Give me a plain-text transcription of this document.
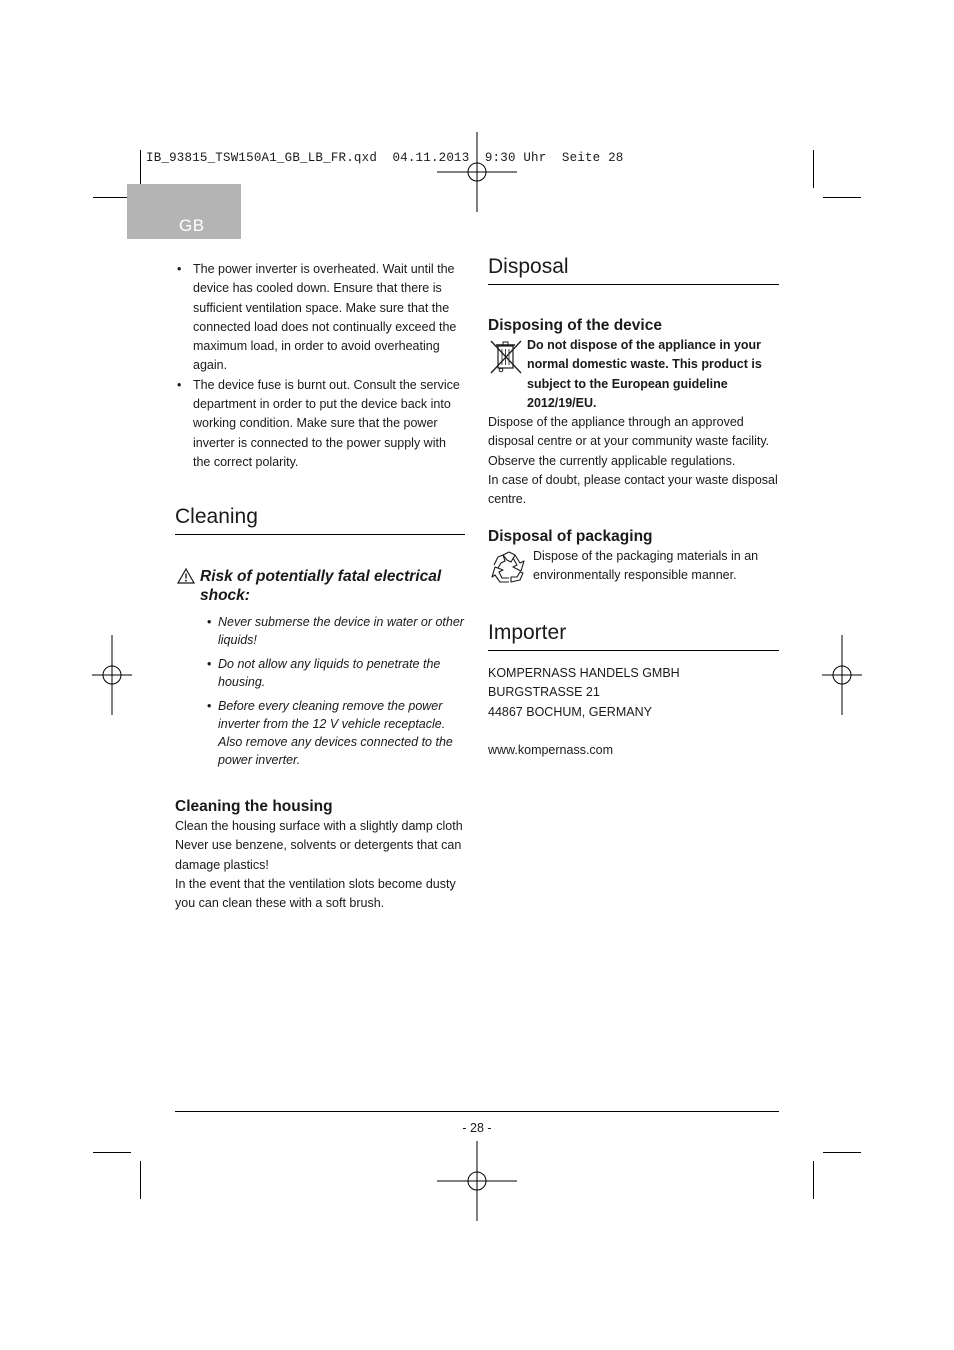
IB_93815_TSW150A1_GB_LB_FR.qxd  04.11.2013  9:30 Uhr  Seite 28
GB
• The power inverter is overheated. Wait until the device has cooled down. Ensure that there is sufficient ventilation space. Make sure that the connected load does not continually exceed the maximum load, in order to avoid overheating again.
• The device fuse is burnt out. Consult the service department in order to put the device back into working condition. Make sure that the power inverter is connected to the power supply with the correct polarity.
Cleaning
Risk of potentially fatal electrical shock:
• Never submerse the device in water or other liquids!
• Do not allow any liquids to penetrate the housing.
• Before every cleaning remove the power inverter from the 12 V vehicle receptacle. Also remove any devices connected to the power inverter.
Cleaning the housing

Clean the housing surface with a slightly damp cloth Never use benzene, solvents or detergents that can damage plastics!

In the event that the ventilation slots become dusty you can clean these with a soft brush.

Disposal
Disposing of the device

Do not dispose of the appliance in your normal domestic waste. This product is subject to the European guideline 2012/19/EU.

Dispose of the appliance through an approved disposal centre or at your community waste facility. Observe the currently applicable regulations.

In case of doubt, please contact your waste disposal centre.

Disposal of packaging

Dispose of the packaging materials in an environmentally responsible manner.

Importer

KOMPERNASS HANDELS GMBH

BURGSTRASSE 21

44867 BOCHUM, GERMANY

www.kompernass.com

- 28 -
